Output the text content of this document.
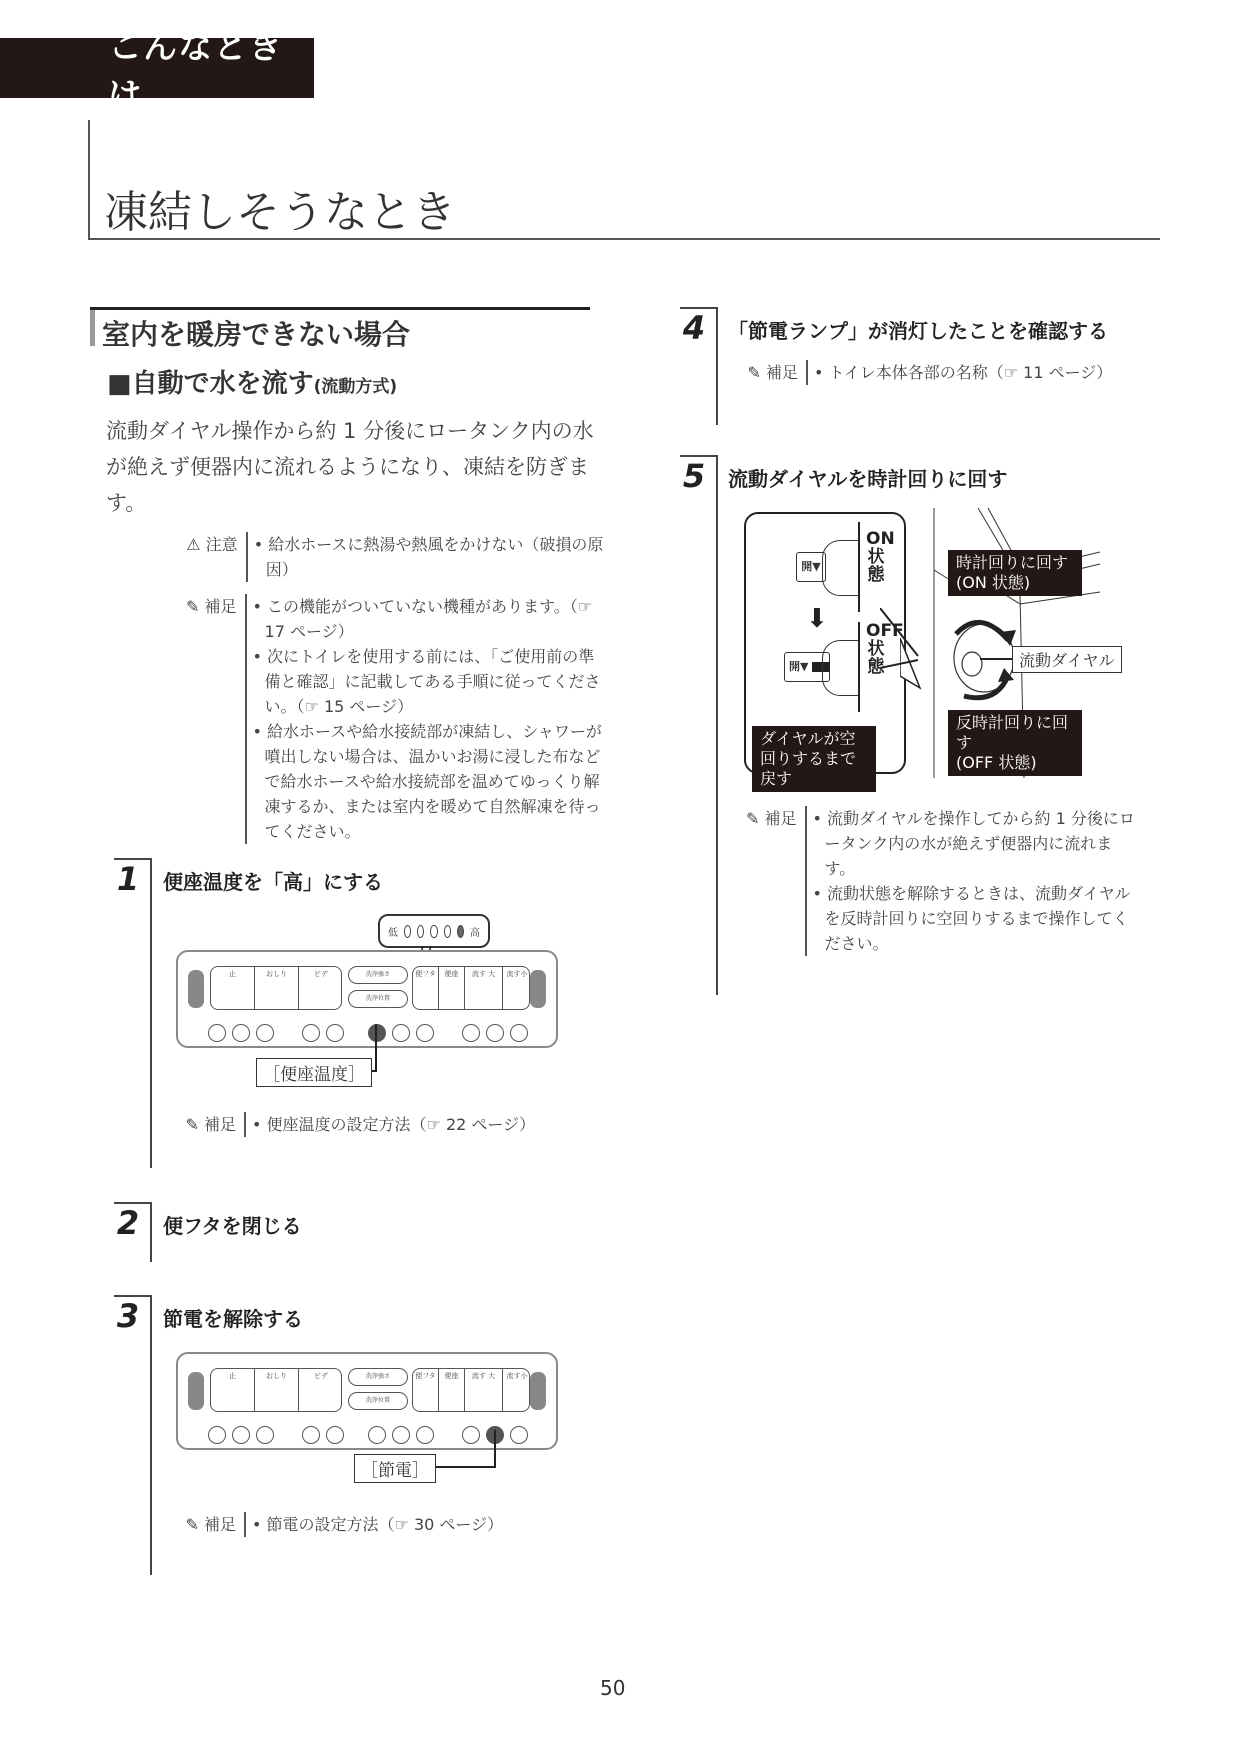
こんなときは
凍結しそうなとき
室内を暖房できない場合
■自動で水を流す(流動方式)

流動ダイヤル操作から約 1 分後にロータンク内の水が絶えず便器内に流れるようになり、凍結を防ぎます。

⚠ 注意	• 給水ホースに熱湯や熱風をかけない（破損の原因）
✎ 補足	• この機能がついていない機種があります。（☞ 17 ページ）
• 次にトイレを使用する前には、「ご使用前の準備と確認」に記載してある手順に従ってください。（☞ 15 ページ）
• 給水ホースや給水接続部が凍結し、シャワーが噴出しない場合は、温かいお湯に浸した布などで給水ホースや給水接続部を温めてゆっくり解凍するか、または室内を暖めて自然解凍を待ってください。
1 便座温度を「高」にする
低	高
止	おしり	ビデ	洗浄強さ
洗浄位置
便フタ	便座	流す 大	流す小
［便座温度］
✎ 補足	• 便座温度の設定方法（☞ 22 ページ）
2 便フタを閉じる
3 節電を解除する
止	おしり	ビデ	洗浄強さ
洗浄位置
便フタ	便座	流す 大	流す小
［節電］
✎ 補足	• 節電の設定方法（☞ 30 ページ）
4 「節電ランプ」が消灯したことを確認する
✎ 補足	• トイレ本体各部の名称（☞ 11 ページ）
5 流動ダイヤルを時計回りに回す
開▼
ON状態
⬇
開▼
OFF状態
ダイヤルが空回りするまで戻す
時計回りに回す
(ON 状態)
流動ダイヤル
反時計回りに回す
(OFF 状態)
✎ 補足	• 流動ダイヤルを操作してから約 1 分後にロータンク内の水が絶えず便器内に流れます。
• 流動状態を解除するときは、流動ダイヤルを反時計回りに空回りするまで操作してください。
50
